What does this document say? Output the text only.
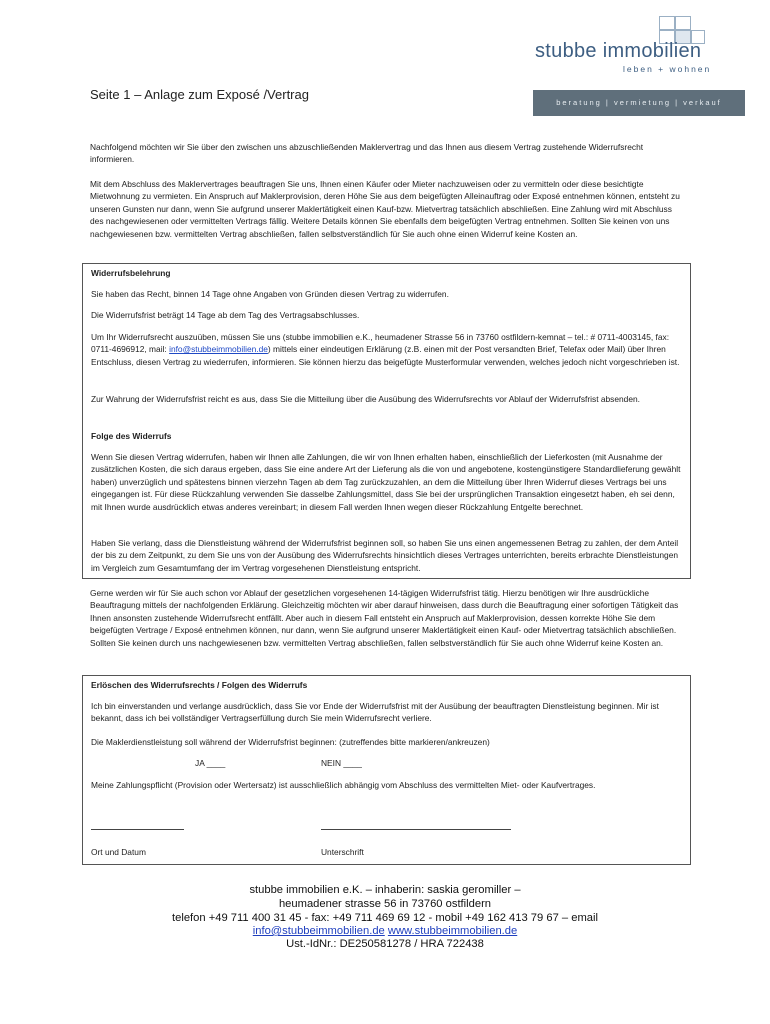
stubbe immobilien
leben + wohnen
Seite 1 – Anlage zum Exposé /Vertrag
beratung | vermietung | verkauf
Nachfolgend möchten wir Sie über den zwischen uns abzuschließenden Maklervertrag und das Ihnen aus diesem Vertrag zustehende Widerrufsrecht informieren.
Mit dem Abschluss des Maklervertrages beauftragen Sie uns, Ihnen einen Käufer oder Mieter nachzuweisen oder zu vermitteln oder diese besichtigte Mietwohnung zu vermieten. Ein Anspruch auf Maklerprovision, deren Höhe Sie aus dem beigefügten Alleinauftrag oder Exposé entnehmen können, entsteht zu unseren Gunsten nur dann, wenn Sie aufgrund unserer Maklertätigkeit einen Kauf-bzw. Mietvertrag tatsächlich abschließen. Eine Zahlung wird mit Abschluss des nachgewiesenen oder vermittelten Vertrags fällig. Weitere Details können Sie ebenfalls dem beigefügten Vertrag entnehmen. Sollten Sie keinen von uns nachgewiesenen bzw. vermittelten Vertrag abschließen, fallen selbstverständlich für Sie auch ohne einen Widerruf keine Kosten an.
Widerrufsbelehrung
Sie haben das Recht, binnen 14 Tage ohne Angaben von Gründen diesen Vertrag zu widerrufen.
Die Widerrufsfrist beträgt 14 Tage ab dem Tag des Vertragsabschlusses.
Um Ihr Widerrufsrecht auszuüben, müssen Sie uns (stubbe immobilien e.K., heumadener Strasse 56 in 73760 ostfildern-kemnat – tel.: # 0711-4003145, fax: 0711-4696912, mail: info@stubbeimmobilien.de) mittels einer eindeutigen Erklärung (z.B. einen mit der Post versandten Brief, Telefax oder Mail) über Ihren Entschluss, diesen Vertrag zu wiederrufen, informieren. Sie können hierzu das beigefügte Musterformular verwenden, welches jedoch nicht vorgeschrieben ist.
Zur Wahrung der Widerrufsfrist reicht es aus, dass Sie die Mitteilung über die Ausübung des Widerrufsrechts vor Ablauf der Widerrufsfrist absenden.
Folge des Widerrufs
Wenn Sie diesen Vertrag widerrufen, haben wir Ihnen alle Zahlungen, die wir von Ihnen erhalten haben, einschließlich der Lieferkosten (mit Ausnahme der zusätzlichen Kosten, die sich daraus ergeben, dass Sie eine andere Art der Lieferung als die von und angebotene, kostengünstigere Standardlieferung gewählt haben) unverzüglich und spätestens binnen vierzehn Tagen ab dem Tag zurückzuzahlen, an dem die Mitteilung über Ihren Widerruf dieses Vertrags bei uns eingegangen ist. Für diese Rückzahlung verwenden Sie dasselbe Zahlungsmittel, dass Sie bei der ursprünglichen Transaktion eingesetzt haben, eh sei denn, mit Ihnen wurde ausdrücklich etwas anderes vereinbart; in diesem Fall werden Ihnen wegen dieser Rückzahlung Entgelte berechnet.
Haben Sie verlang, dass die Dienstleistung während der Widerrufsfrist beginnen soll, so haben Sie uns einen angemessenen Betrag zu zahlen, der dem Anteil der bis zu dem Zeitpunkt, zu dem Sie uns von der Ausübung des Widerrufsrechts hinsichtlich dieses Vertrages unterrichten, bereits erbrachte Dienstleistungen im Vergleich zum Gesamtumfang der im Vertrag vorgesehenen Dienstleistung entspricht.
Gerne werden wir für Sie auch schon vor Ablauf der gesetzlichen vorgesehenen 14-tägigen Widerrufsfrist tätig. Hierzu benötigen wir Ihre ausdrückliche Beauftragung mittels der nachfolgenden Erklärung. Gleichzeitig möchten wir aber darauf hinweisen, dass durch die Beauftragung einer sofortigen Tätigkeit das Ihnen ansonsten zustehende Widerrufsrecht entfällt. Aber auch in diesem Fall entsteht ein Anspruch auf Maklerprovision, dessen korrekte Höhe Sie dem beigefügten Vertrage / Exposé entnehmen können, nur dann, wenn Sie aufgrund unserer Maklertätigkeit einen Kauf- oder Mietvertrag tatsächlich abschließen. Sollten Sie keinen durch uns nachgewiesenen bzw. vermittelten Vertrag abschließen, fallen selbstverständlich für Sie auch ohne Widerruf keine Kosten an.
Erlöschen des Widerrufsrechts / Folgen des Widerrufs
Ich bin einverstanden und verlange ausdrücklich, dass Sie vor Ende der Widerrufsfrist mit der Ausübung der beauftragten Dienstleistung beginnen. Mir ist bekannt, dass ich bei vollständiger Vertragserfüllung durch Sie mein Widerrufsrecht verliere.
Die Maklerdienstleistung soll während der Widerrufsfrist beginnen: (zutreffendes bitte markieren/ankreuzen)
JA ____	NEIN ____
Meine Zahlungspflicht (Provision oder Wertersatz) ist ausschließlich abhängig vom Abschluss des vermittelten Miet- oder Kaufvertrages.
Ort und Datum	Unterschrift
stubbe immobilien e.K. – inhaberin: saskia geromiller –
heumadener strasse 56 in 73760 ostfildern
telefon +49 711 400 31 45 - fax: +49 711 469 69 12 - mobil +49 162 413 79 67 – email
info@stubbeimmobilien.de www.stubbeimmobilien.de
Ust.-IdNr.: DE250581278 / HRA 722438
